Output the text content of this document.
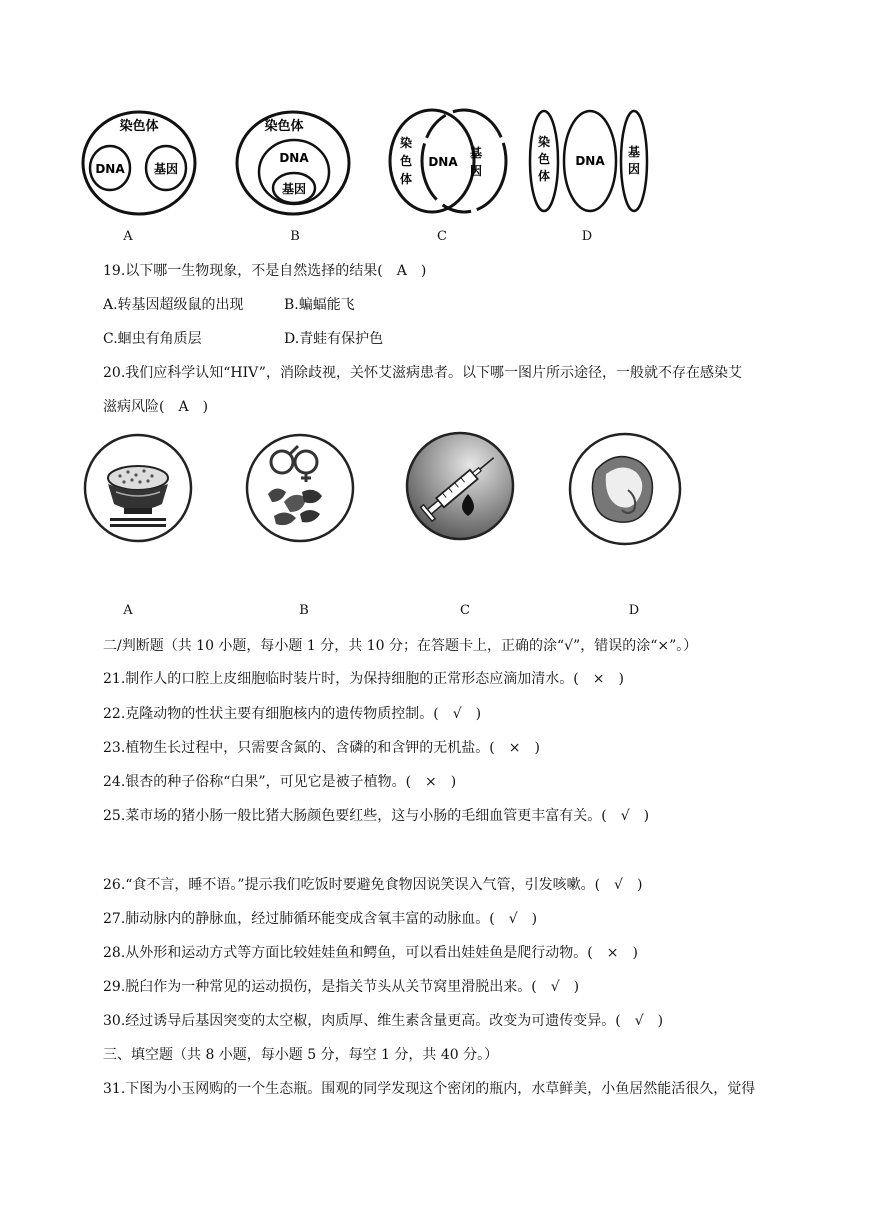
染色体
DNA 基因
染色体
DNA
基因
染
色
体
DNA
基
因
染
色
体
DNA
基
因
A	B	C	D
19.以下哪一生物现象，不是自然选择的结果(　A　)
A.转基因超级鼠的出现	B.蝙蝠能飞
C.蛔虫有角质层	D.青蛙有保护色
20.我们应科学认知“HIV”，消除歧视，关怀艾滋病患者。以下哪一图片所示途径，一般就不存在感染艾
滋病风险(　A　)
A	B	C	D
二/判断题（共 10 小题，每小题 1 分，共 10 分；在答题卡上，正确的涂“√”，错误的涂“×”。）
21.制作人的口腔上皮细胞临时装片时，为保持细胞的正常形态应滴加清水。(　×　)
22.克隆动物的性状主要有细胞核内的遗传物质控制。(　√　)
23.植物生长过程中，只需要含氮的、含磷的和含钾的无机盐。(　×　)
24.银杏的种子俗称“白果”，可见它是被子植物。(　×　)
25.菜市场的猪小肠一般比猪大肠颜色要红些，这与小肠的毛细血管更丰富有关。(　√　)
26.“食不言，睡不语。”提示我们吃饭时要避免食物因说笑误入气管，引发咳嗽。(　√　)
27.肺动脉内的静脉血，经过肺循环能变成含氧丰富的动脉血。(　√　)
28.从外形和运动方式等方面比较娃娃鱼和鳄鱼，可以看出娃娃鱼是爬行动物。(　×　)
29.脱臼作为一种常见的运动损伤，是指关节头从关节窝里滑脱出来。(　√　)
30.经过诱导后基因突变的太空椒，肉质厚、维生素含量更高。改变为可遗传变异。(　√　)
三、填空题（共 8 小题，每小题 5 分，每空 1 分，共 40 分。）
31.下图为小玉网购的一个生态瓶。围观的同学发现这个密闭的瓶内，水草鲜美，小鱼居然能活很久，觉得
